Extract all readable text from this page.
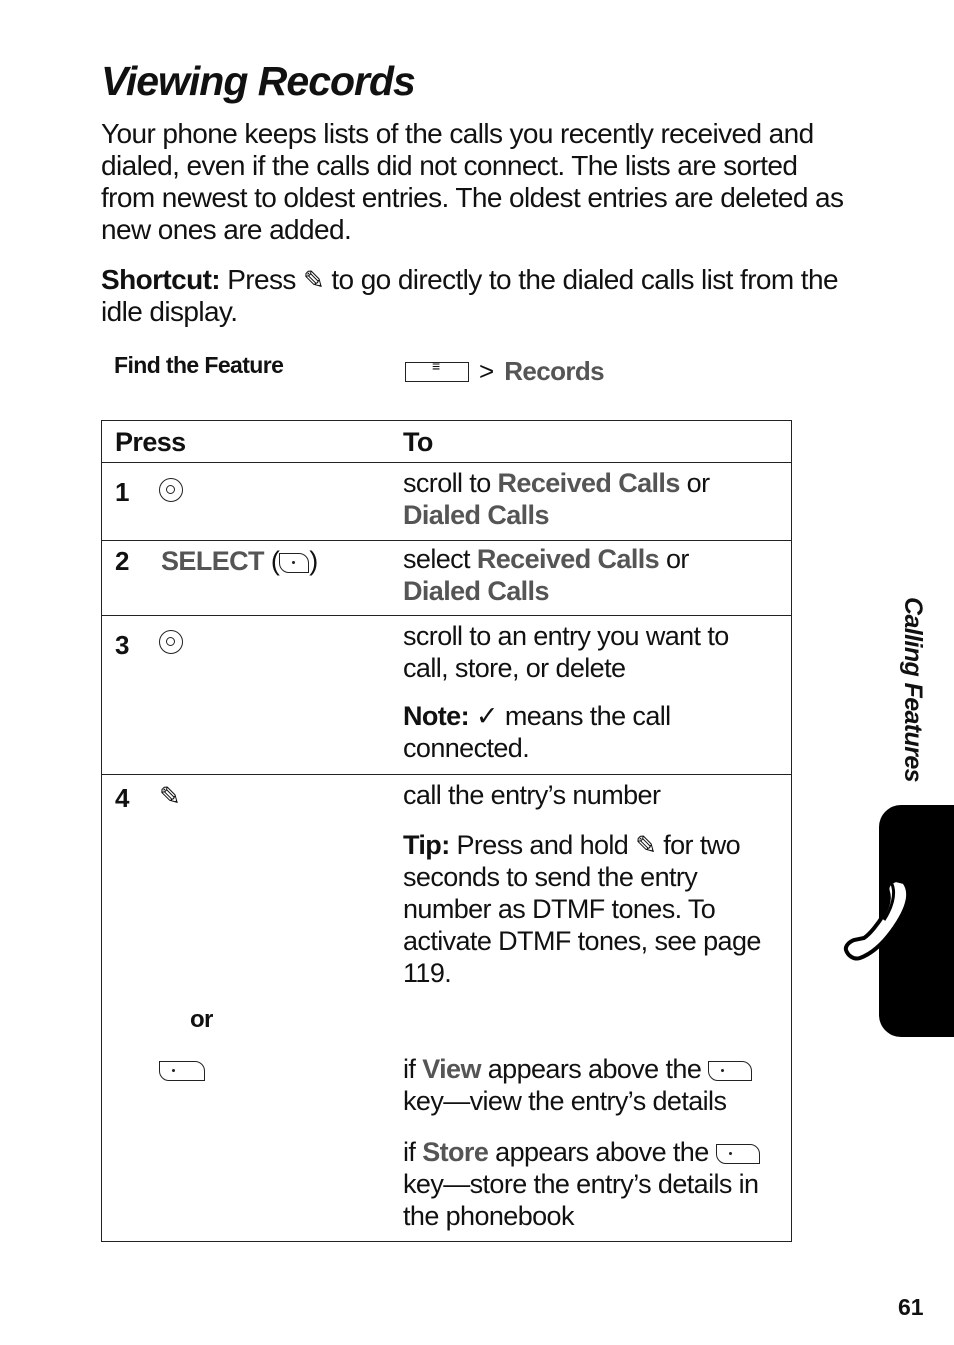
Viewing Records

Your phone keeps lists of the calls you recently received and dialed, even if the calls did not connect. The lists are sorted from newest to oldest entries. The oldest entries are deleted as new ones are added.

Shortcut: Press ✎ to go directly to the dialed calls list from the idle display.

Find the Feature
≡	> Records
Press	To
1	scroll to Received Calls or
Dialed Calls
2 SELECT ( )	select Received Calls or
Dialed Calls
3	scroll to an entry you want to call, store, or delete
Note: ✓ means the call connected.
4 ✎	call the entry’s number
Tip: Press and hold ✎ for two seconds to send the entry number as DTMF tones. To activate DTMF tones, see page 119.
or
if View appears above the  key—view the entry’s details
if Store appears above the  key—store the entry’s details in the phonebook
Calling Features
61
